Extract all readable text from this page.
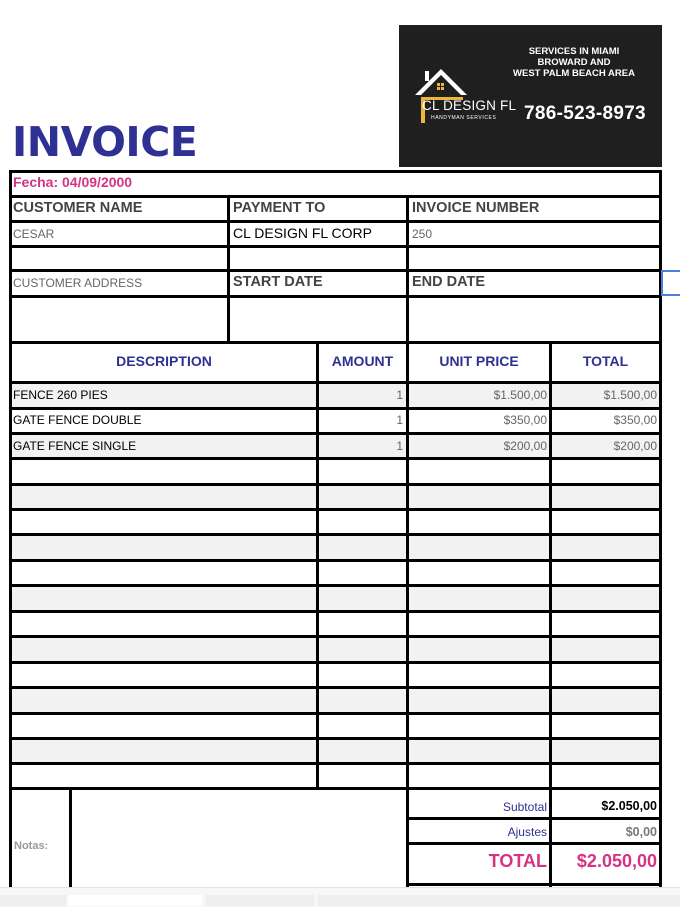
INVOICE
CL DESIGN FL
HANDYMAN SERVICES
SERVICES IN MIAMI
BROWARD AND
WEST PALM BEACH AREA
786-523-8973
Fecha: 04/09/2000
CUSTOMER NAME	PAYMENT TO	INVOICE NUMBER
CESAR	CL DESIGN FL CORP	250
CUSTOMER ADDRESS	START DATE	END DATE
DESCRIPTION	AMOUNT	UNIT PRICE	TOTAL
FENCE 260 PIES	1	$1.500,00	$1.500,00
GATE FENCE DOUBLE	1	$350,00	$350,00
GATE FENCE SINGLE	1	$200,00	$200,00
Notas:
Subtotal	$2.050,00
Ajustes	$0,00
TOTAL	$2.050,00
